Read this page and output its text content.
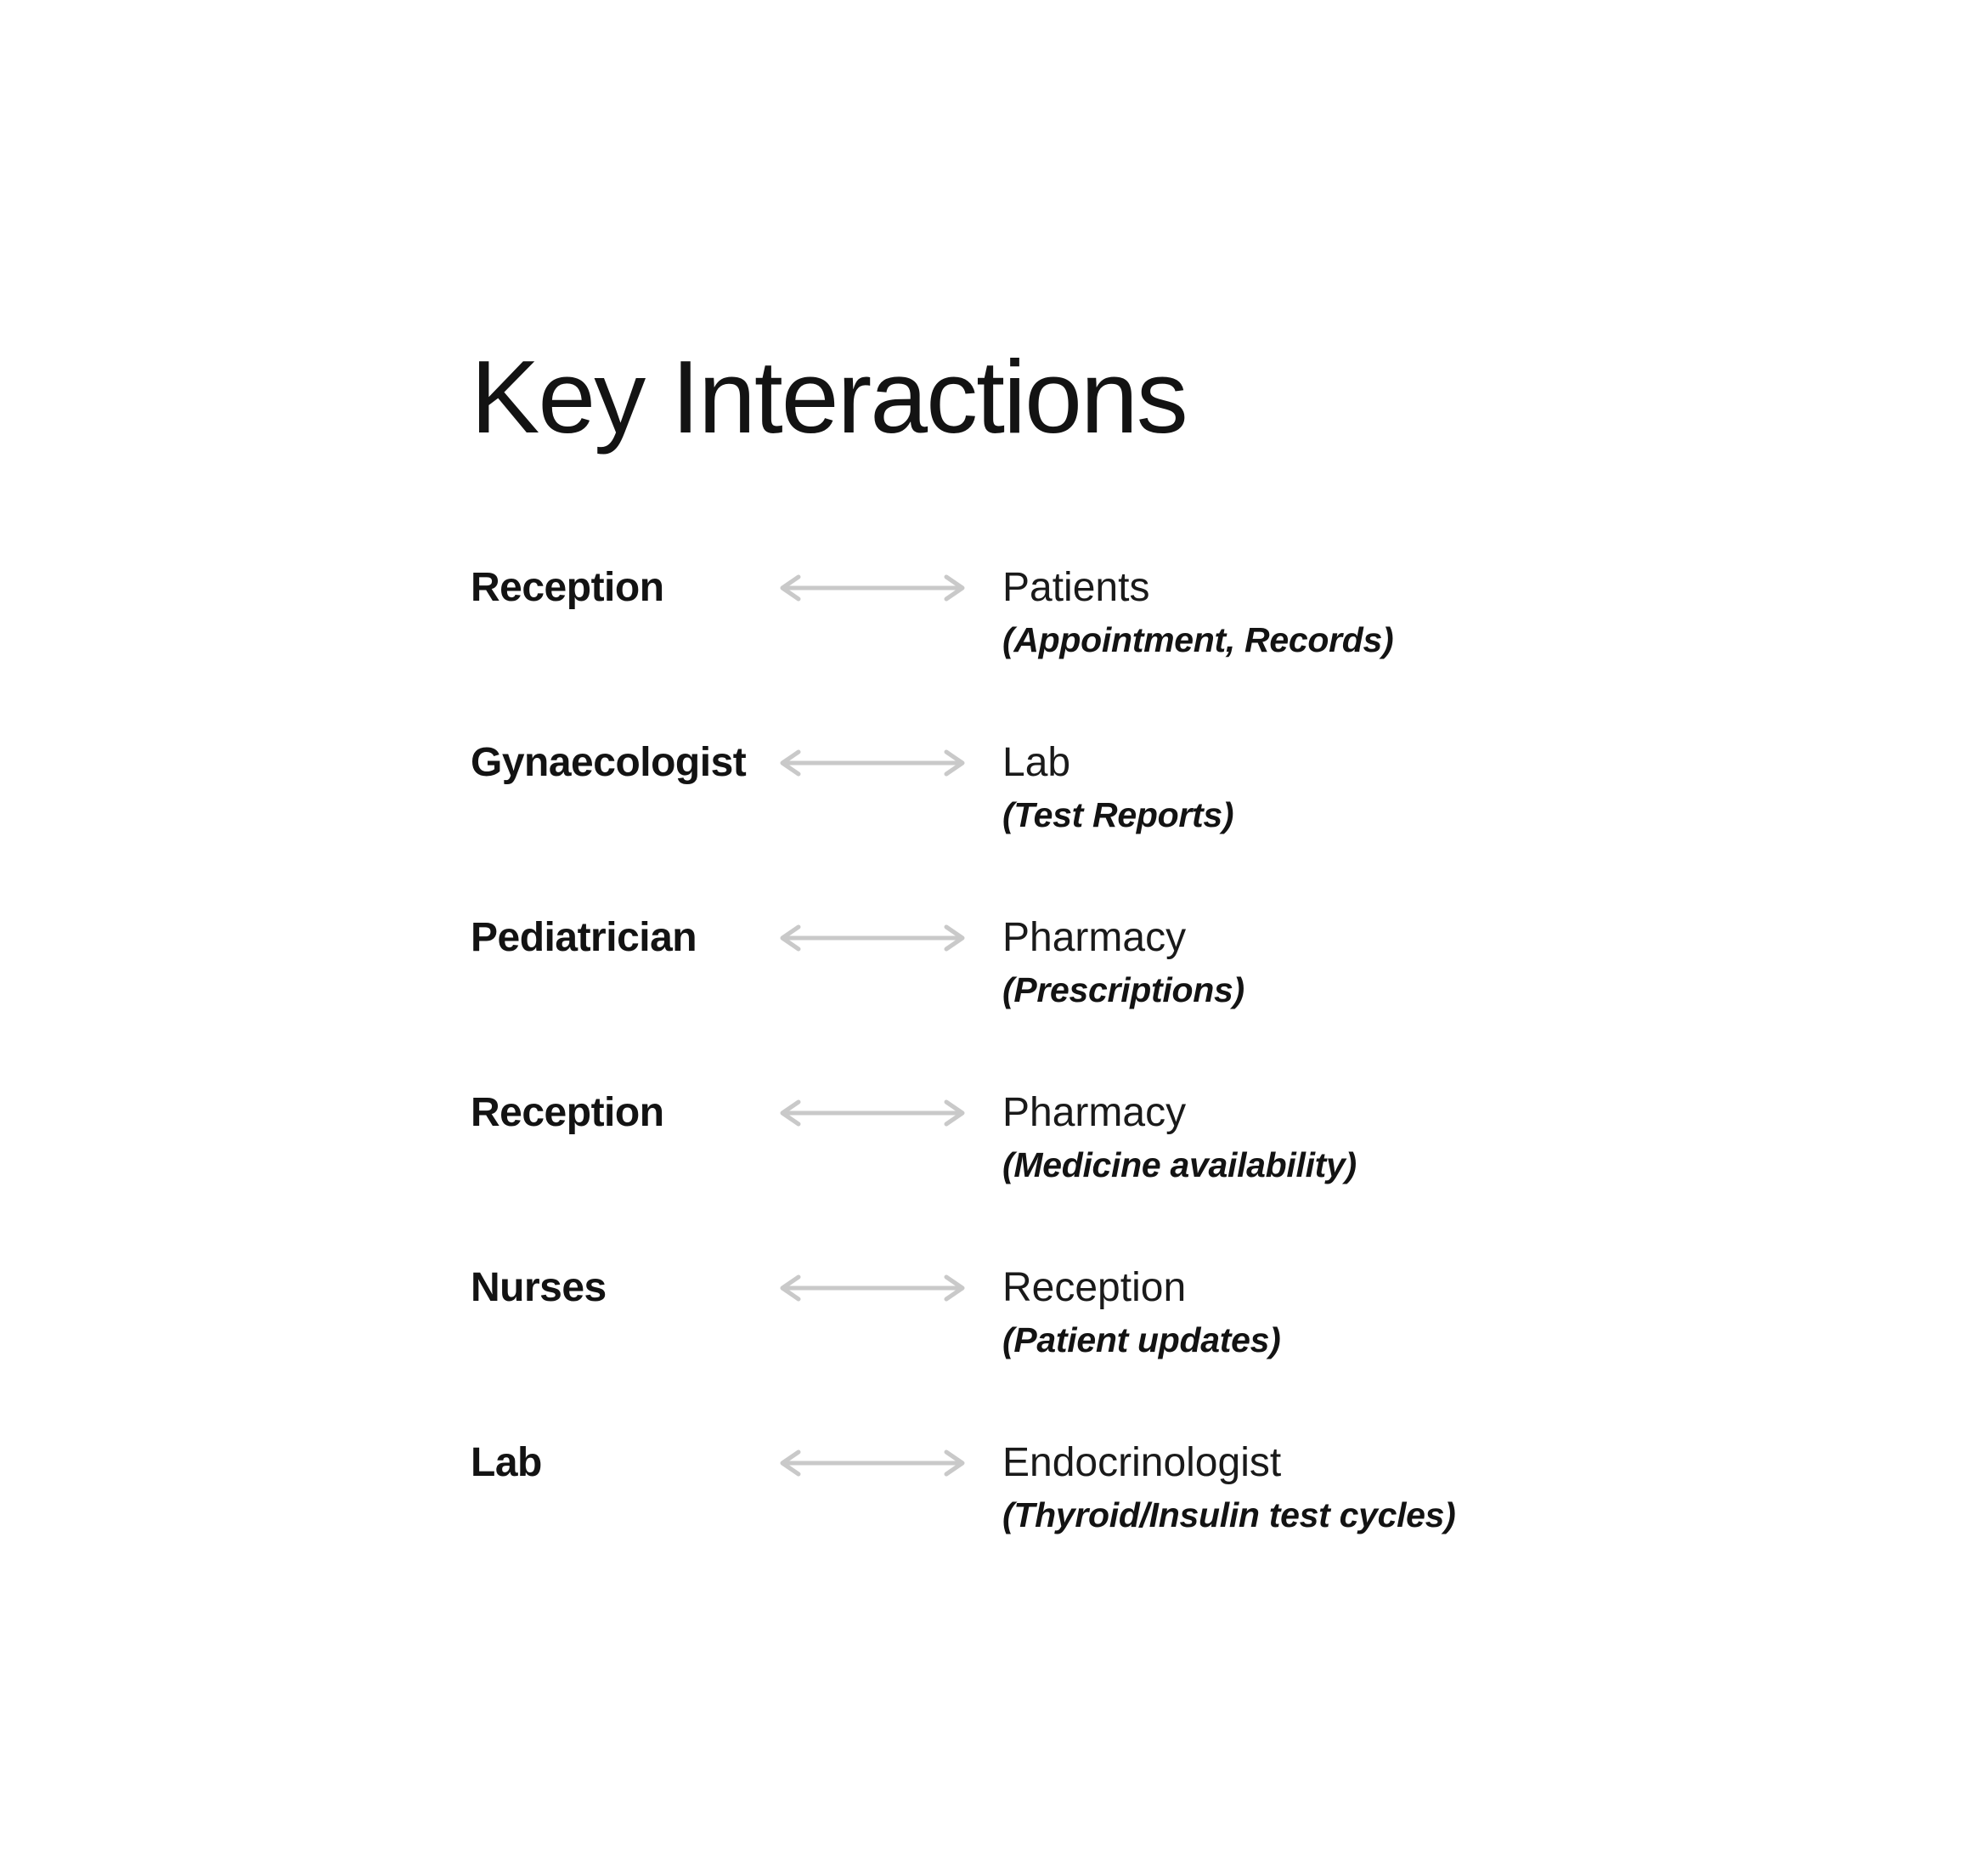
Key Interactions
Reception	Patients
(Appointment, Records)
Gynaecologist	Lab
(Test Reports)
Pediatrician	Pharmacy
(Prescriptions)
Reception	Pharmacy
(Medicine availability)
Nurses	Reception
(Patient updates)
Lab	Endocrinologist
(Thyroid/Insulin test cycles)
